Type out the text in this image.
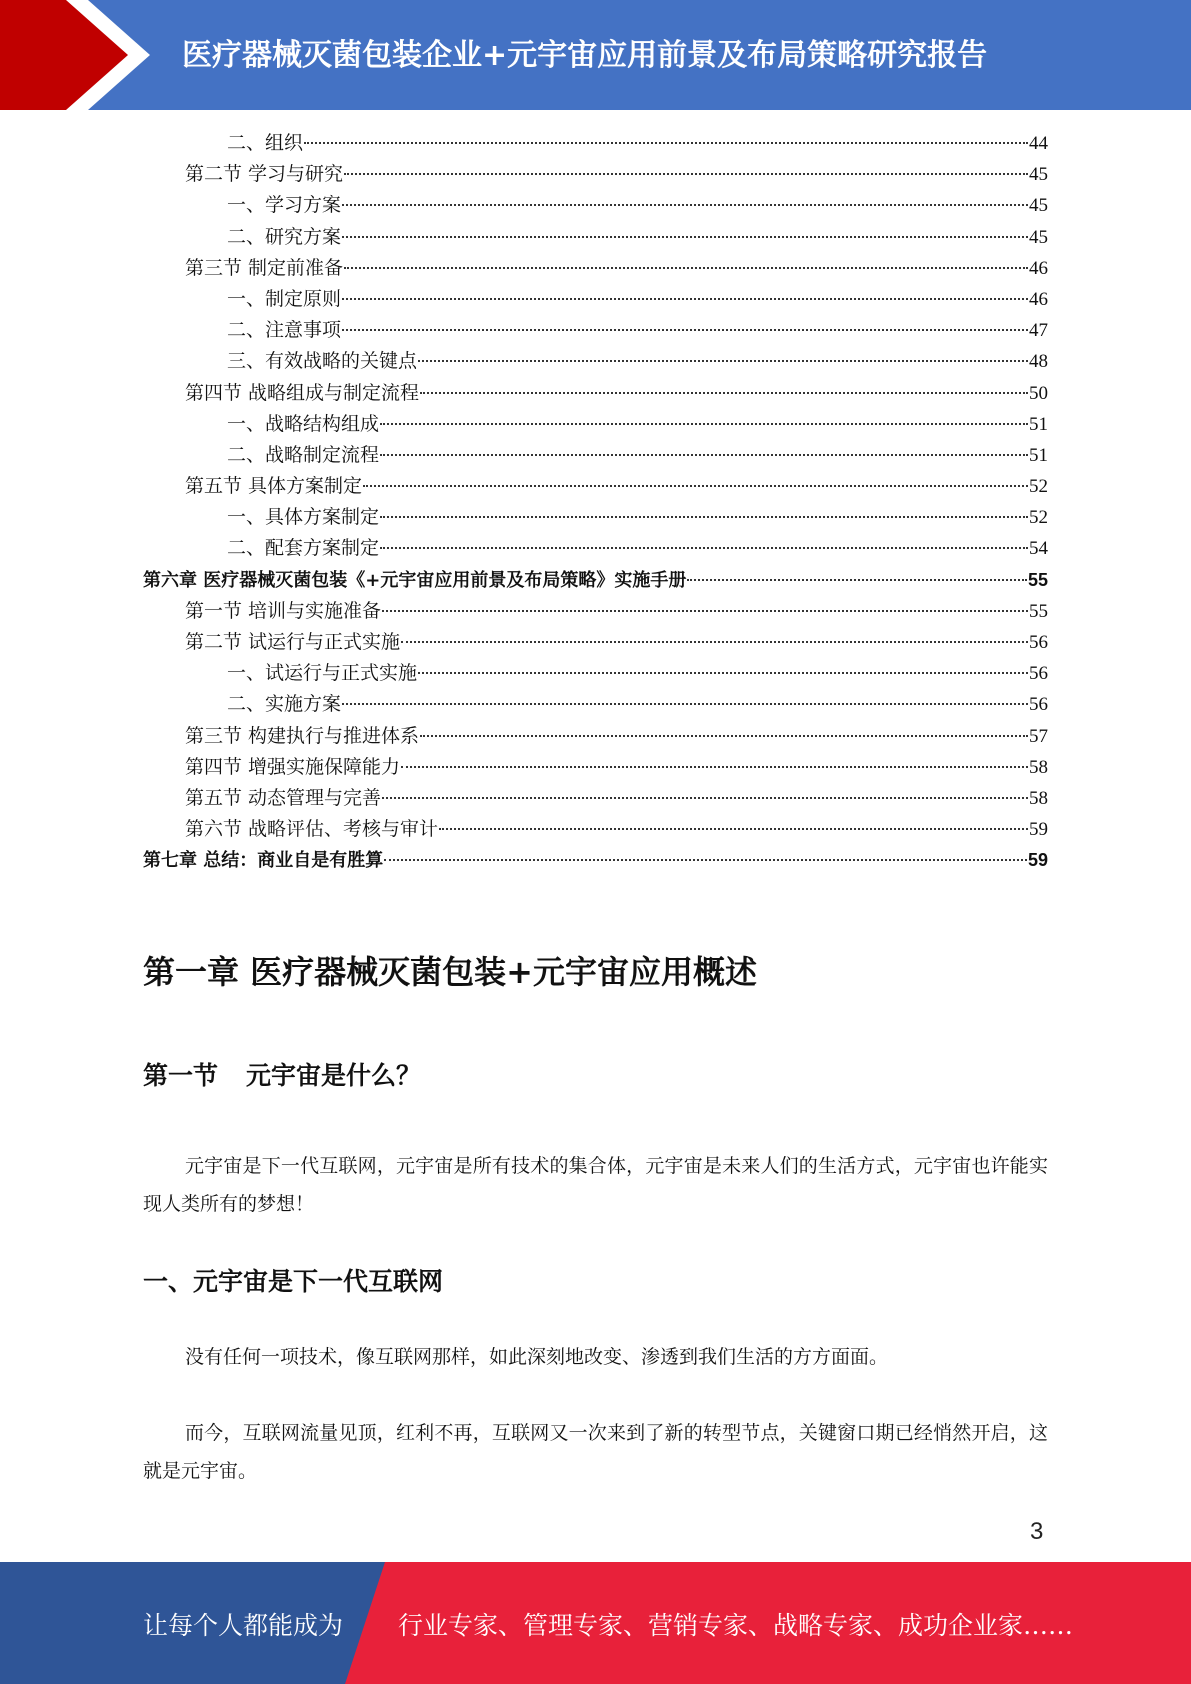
医疗器械灭菌包装企业+元宇宙应用前景及布局策略研究报告
二、组织	44
第二节 学习与研究	45
一、学习方案	45
二、研究方案	45
第三节 制定前准备	46
一、制定原则	46
二、注意事项	47
三、有效战略的关键点	48
第四节 战略组成与制定流程	50
一、战略结构组成	51
二、战略制定流程	51
第五节 具体方案制定	52
一、具体方案制定	52
二、配套方案制定	54
第六章 医疗器械灭菌包装《+元宇宙应用前景及布局策略》实施手册	55
第一节 培训与实施准备	55
第二节 试运行与正式实施	56
一、试运行与正式实施	56
二、实施方案	56
第三节 构建执行与推进体系	57
第四节 增强实施保障能力	58
第五节 动态管理与完善	58
第六节 战略评估、考核与审计	59
第七章 总结：商业自是有胜算	59
第一章 医疗器械灭菌包装+元宇宙应用概述
第一节 元宇宙是什么？
元宇宙是下一代互联网，元宇宙是所有技术的集合体，元宇宙是未来人们的生活方式，元宇宙也许能实现人类所有的梦想！
一、元宇宙是下一代互联网
没有任何一项技术，像互联网那样，如此深刻地改变、渗透到我们生活的方方面面。
而今，互联网流量见顶，红利不再，互联网又一次来到了新的转型节点，关键窗口期已经悄然开启，这就是元宇宙。
3
让每个人都能成为 行业专家、管理专家、营销专家、战略专家、成功企业家……
